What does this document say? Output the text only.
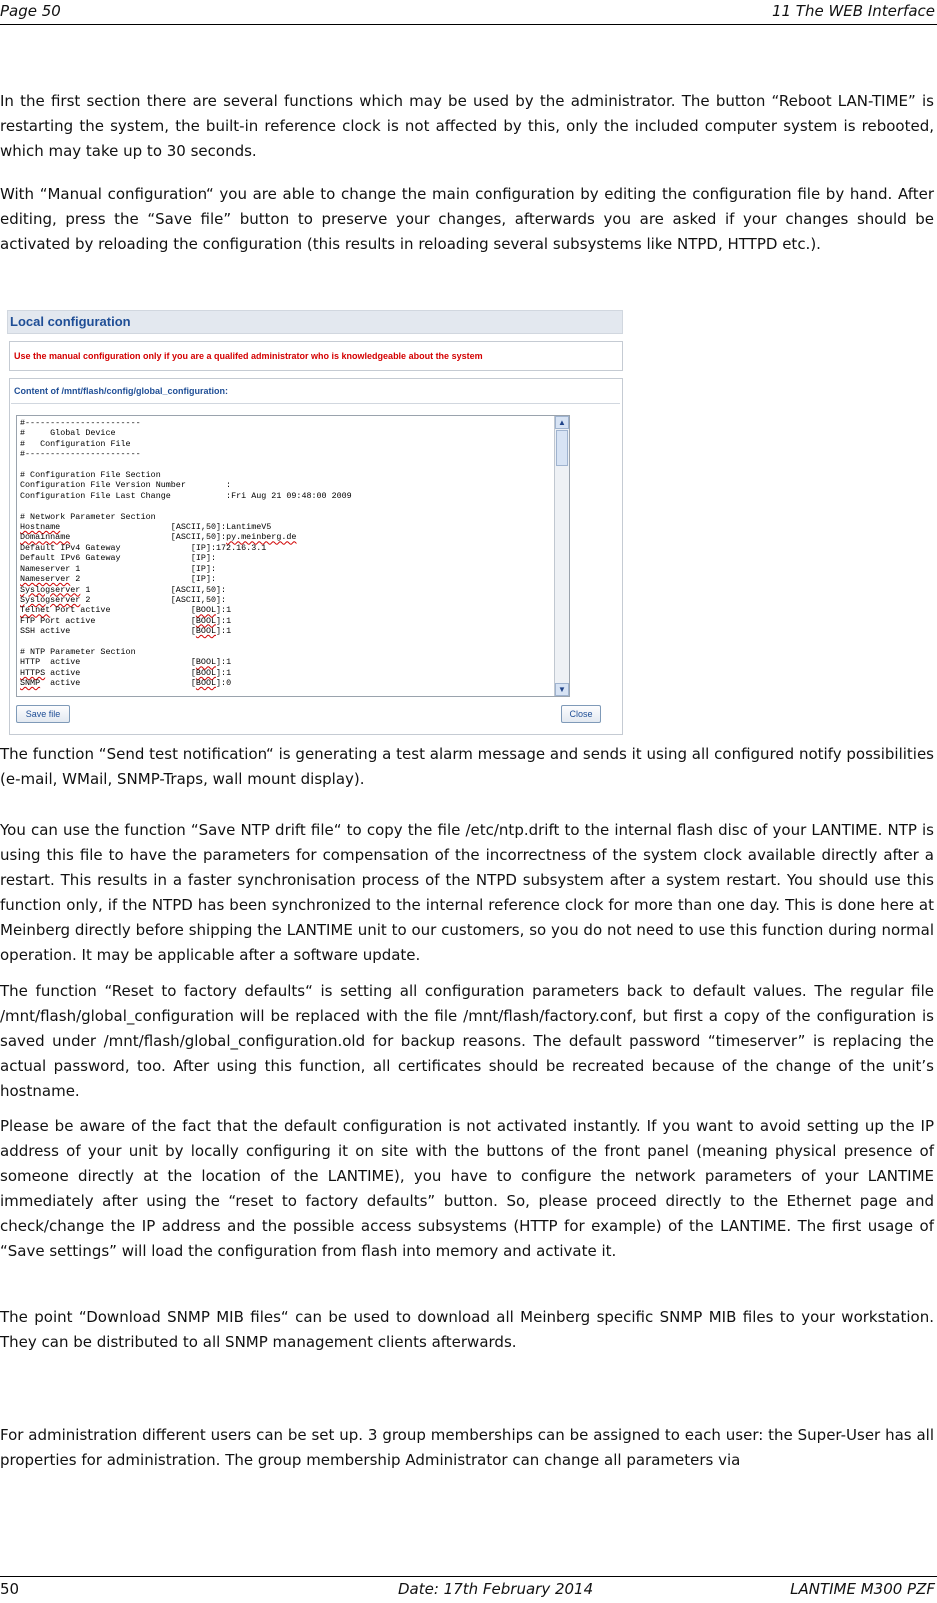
Page 50	11 The WEB Interface

In the first section there are several functions which may be used by the administrator. The button “Reboot LAN-TIME” is restarting the system, the built-in reference clock is not affected by this, only the included computer system is rebooted, which may take up to 30 seconds.

With “Manual configuration“ you are able to change the main configuration by editing the configuration file by hand. After editing, press the “Save file” button to preserve your changes, afterwards you are asked if your changes should be activated by reloading the configuration (this results in reloading several subsystems like NTPD, HTTPD etc.).

Local configuration
Use the manual configuration only if you are a qualifed administrator who is knowledgeable about the system
Content of /mnt/flash/config/global_configuration:
#-----------------------
#     Global Device
#   Configuration File
#-----------------------

# Configuration File Section
Configuration File Version Number        :
Configuration File Last Change           :Fri Aug 21 09:48:00 2009

# Network Parameter Section
Hostname	[ASCII,50]:LantimeV5
Domainname                    [ASCII,50]:py.meinberg.de
Default IPv4 Gateway              [IP]:172.16.3.1
Default IPv6 Gateway              [IP]:
Nameserver 1                      [IP]:
Nameserver 2                      [IP]:
Syslogserver 1                [ASCII,50]:
Syslogserver 2                [ASCII,50]:
Telnet Port active                [BOOL]:1
FTP Port active                   [BOOL]:1
SSH active                        [BOOL]:1

# NTP Parameter Section
HTTP  active                      [BOOL]:1
HTTPS active                      [BOOL]:1
SNMP  active                      [BOOL]:0
▲
▼
Save file	Close

The function “Send test notification“ is generating a test alarm message and sends it using all configured notify possibilities (e-mail, WMail, SNMP-Traps, wall mount display).

You can use the function “Save NTP drift file“ to copy the file /etc/ntp.drift to the internal flash disc of your LANTIME. NTP is using this file to have the parameters for compensation of the incorrectness of the system clock available directly after a restart. This results in a faster synchronisation process of the NTPD subsystem after a system restart. You should use this function only, if the NTPD has been synchronized to the internal reference clock for more than one day. This is done here at Meinberg directly before shipping the LANTIME unit to our customers, so you do not need to use this function during normal operation. It may be applicable after a software update.

The function “Reset to factory defaults“ is setting all configuration parameters back to default values. The regular file /mnt/flash/global_configuration will be replaced with the file /mnt/flash/factory.conf, but first a copy of the configuration is saved under /mnt/flash/global_configuration.old for backup reasons. The default password “timeserver” is replacing the actual password, too. After using this function, all certificates should be recreated because of the change of the unit’s hostname.

Please be aware of the fact that the default configuration is not activated instantly. If you want to avoid setting up the IP address of your unit by locally configuring it on site with the buttons of the front panel (meaning physical presence of someone directly at the location of the LANTIME), you have to configure the network parameters of your LANTIME immediately after using the “reset to factory defaults” button. So, please proceed directly to the Ethernet page and check/change the IP address and the possible access subsystems (HTTP for example) of the LANTIME. The first usage of “Save settings” will load the configuration from flash into memory and activate it.

The point “Download SNMP MIB files“ can be used to download all Meinberg specific SNMP MIB files to your workstation. They can be distributed to all SNMP management clients afterwards.

For administration different users can be set up. 3 group memberships can be assigned to each user: the Super-User has all properties for administration. The group membership Administrator can change all parameters via

50	Date: 17th February 2014	LANTIME M300 PZF
